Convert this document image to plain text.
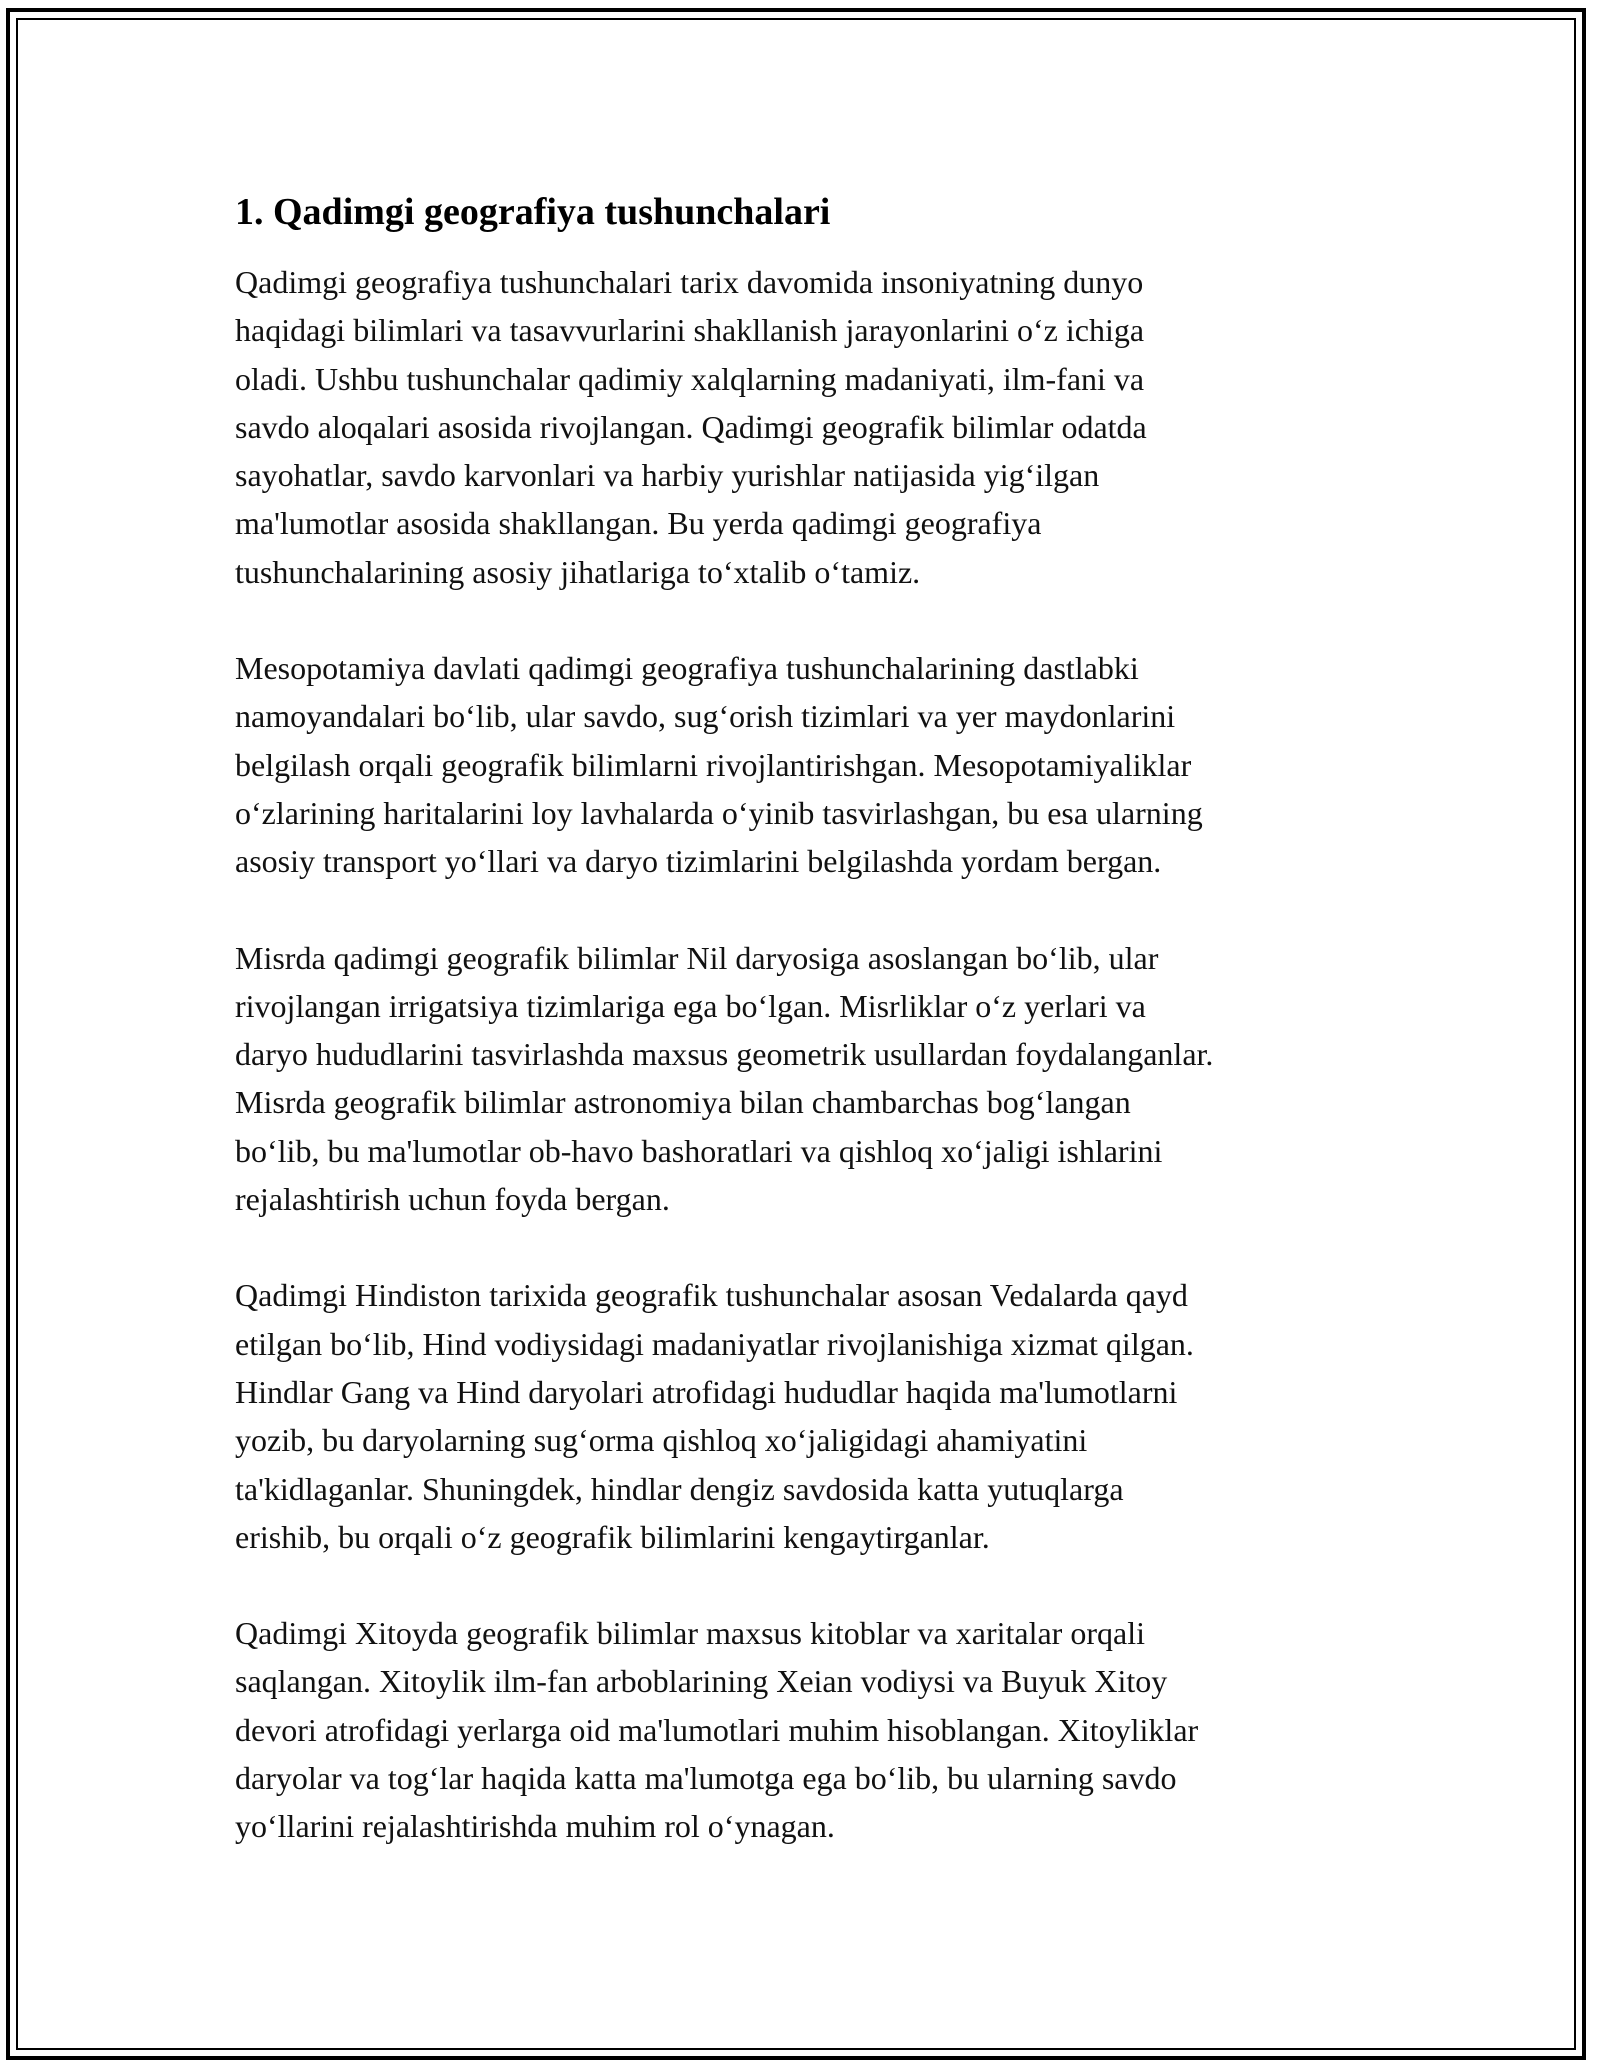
1. Qadimgi geografiya tushunchalari

Qadimgi geografiya tushunchalari tarix davomida insoniyatning dunyo
haqidagi bilimlari va tasavvurlarini shakllanish jarayonlarini o‘z ichiga
oladi. Ushbu tushunchalar qadimiy xalqlarning madaniyati, ilm-fani va
savdo aloqalari asosida rivojlangan. Qadimgi geografik bilimlar odatda
sayohatlar, savdo karvonlari va harbiy yurishlar natijasida yig‘ilgan
ma'lumotlar asosida shakllangan. Bu yerda qadimgi geografiya
tushunchalarining asosiy jihatlariga to‘xtalib o‘tamiz.

Mesopotamiya davlati qadimgi geografiya tushunchalarining dastlabki
namoyandalari bo‘lib, ular savdo, sug‘orish tizimlari va yer maydonlarini
belgilash orqali geografik bilimlarni rivojlantirishgan. Mesopotamiyaliklar
o‘zlarining haritalarini loy lavhalarda o‘yinib tasvirlashgan, bu esa ularning
asosiy transport yo‘llari va daryo tizimlarini belgilashda yordam bergan.

Misrda qadimgi geografik bilimlar Nil daryosiga asoslangan bo‘lib, ular
rivojlangan irrigatsiya tizimlariga ega bo‘lgan. Misrliklar o‘z yerlari va
daryo hududlarini tasvirlashda maxsus geometrik usullardan foydalanganlar.
Misrda geografik bilimlar astronomiya bilan chambarchas bog‘langan
bo‘lib, bu ma'lumotlar ob-havo bashoratlari va qishloq xo‘jaligi ishlarini
rejalashtirish uchun foyda bergan.

Qadimgi Hindiston tarixida geografik tushunchalar asosan Vedalarda qayd
etilgan bo‘lib, Hind vodiysidagi madaniyatlar rivojlanishiga xizmat qilgan.
Hindlar Gang va Hind daryolari atrofidagi hududlar haqida ma'lumotlarni
yozib, bu daryolarning sug‘orma qishloq xo‘jaligidagi ahamiyatini
ta'kidlaganlar. Shuningdek, hindlar dengiz savdosida katta yutuqlarga
erishib, bu orqali o‘z geografik bilimlarini kengaytirganlar.

Qadimgi Xitoyda geografik bilimlar maxsus kitoblar va xaritalar orqali
saqlangan. Xitoylik ilm-fan arboblarining Xeian vodiysi va Buyuk Xitoy
devori atrofidagi yerlarga oid ma'lumotlari muhim hisoblangan. Xitoyliklar
daryolar va tog‘lar haqida katta ma'lumotga ega bo‘lib, bu ularning savdo
yo‘llarini rejalashtirishda muhim rol o‘ynagan.
